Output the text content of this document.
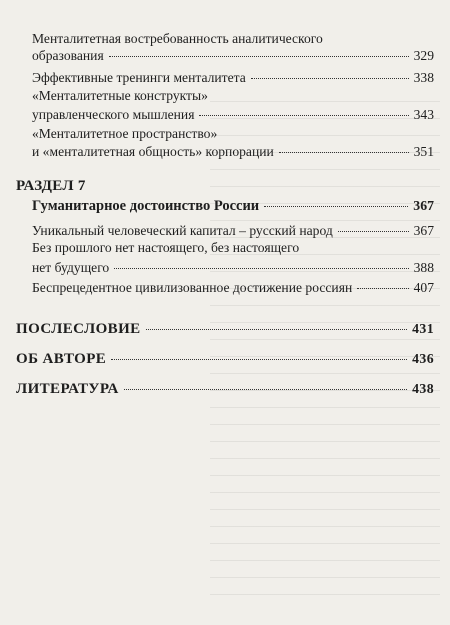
Менталитетная востребованность аналитического
образования	329
Эффективные тренинги менталитета	338
«Менталитетные конструкты»
управленческого мышления	343
«Менталитетное пространство»
и «менталитетная общность» корпорации	351
РАЗДЕЛ 7
Гуманитарное достоинство России	367
Уникальный человеческий капитал – русский народ	367
Без прошлого нет настоящего, без настоящего
нет будущего	388
Беспрецедентное цивилизованное достижение россиян	407
ПОСЛЕСЛОВИЕ	431
ОБ АВТОРЕ	436
ЛИТЕРАТУРА	438
